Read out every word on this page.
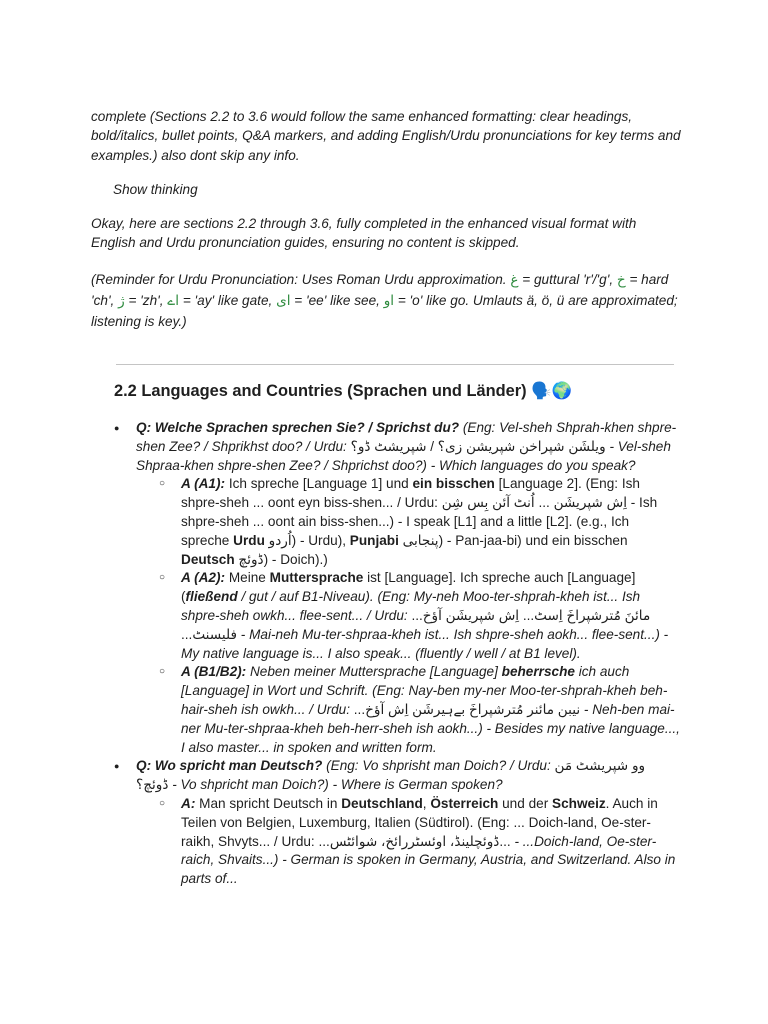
complete (Sections 2.2 to 3.6 would follow the same enhanced formatting: clear headings, bold/italics, bullet points, Q&A markers, and adding English/Urdu pronunciations for key terms and examples.) also dont skip any info.

Show thinking

Okay, here are sections 2.2 through 3.6, fully completed in the enhanced visual format with English and Urdu pronunciation guides, ensuring no content is skipped.

(Reminder for Urdu Pronunciation: Uses Roman Urdu approximation. غ = guttural 'r'/'g', خ = hard 'ch', ژ = 'zh', اے = 'ay' like gate, ای = 'ee' like see, او = 'o' like go. Umlauts ä, ö, ü are approximated; listening is key.)

2.2 Languages and Countries (Sprachen und Länder) 🗣️🌍
● Q: Welche Sprachen sprechen Sie? / Sprichst du? (Eng: Vel-sheh Shprah-khen shpre-shen Zee? / Shprikhst doo? / Urdu: ویلشَن شپراخن شپریشن زی؟ / شپریشٹ ڈو؟ - Vel-sheh Shpraa-khen shpre-shen Zee? / Shprichst doo?) - Which languages do you speak?
○ A (A1): Ich spreche [Language 1] und ein bisschen [Language 2]. (Eng: Ish shpre-sheh ... oont eyn biss-shen... / Urdu: اِش شپریشَن ... اُنٹ آئن بِس شِن - Ish shpre-sheh ... oont ain biss-shen...) - I speak [L1] and a little [L2]. (e.g., Ich spreche Urdu (اُردو - Urdu), Punjabi (پنجابی - Pan-jaa-bi) und ein bisschen Deutsch (ڈوئچ - Doich).)
○ A (A2): Meine Muttersprache ist [Language]. Ich spreche auch [Language] (fließend / gut / auf B1-Niveau). (Eng: My-neh Moo-ter-shprah-kheh ist... Ish shpre-sheh owkh... flee-sent... / Urdu: مائنَ مُترشپراخَ اِسٹ... اِش شپریشَن آؤخ... فلیسنٹ... - Mai-neh Mu-ter-shpraa-kheh ist... Ish shpre-sheh aokh... flee-sent...) - My native language is... I also speak... (fluently / well / at B1 level).
○ A (B1/B2): Neben meiner Muttersprache [Language] beherrsche ich auch [Language] in Wort und Schrift. (Eng: Nay-ben my-ner Moo-ter-shprah-kheh beh-hair-sheh ish owkh... / Urdu: نیبن مائنر مُترشپراخَ بےہیرشَن اِش آؤخ... - Neh-ben mai-ner Mu-ter-shpraa-kheh beh-herr-sheh ish aokh...) - Besides my native language..., I also master... in spoken and written form.
● Q: Wo spricht man Deutsch? (Eng: Vo shprisht man Doich? / Urdu: وو شپریشٹ مَن ڈوئچ؟ - Vo shpricht man Doich?) - Where is German spoken?
○ A: Man spricht Deutsch in Deutschland, Österreich und der Schweiz. Auch in Teilen von Belgien, Luxemburg, Italien (Südtirol). (Eng: ... Doich-land, Oe-ster-raikh, Shvyts... / Urdu: ...ڈوئچلینڈ، اوئسٹررائخ، شوائٹس... - ...Doich-land, Oe-ster-raich, Shvaits...) - German is spoken in Germany, Austria, and Switzerland. Also in parts of...
